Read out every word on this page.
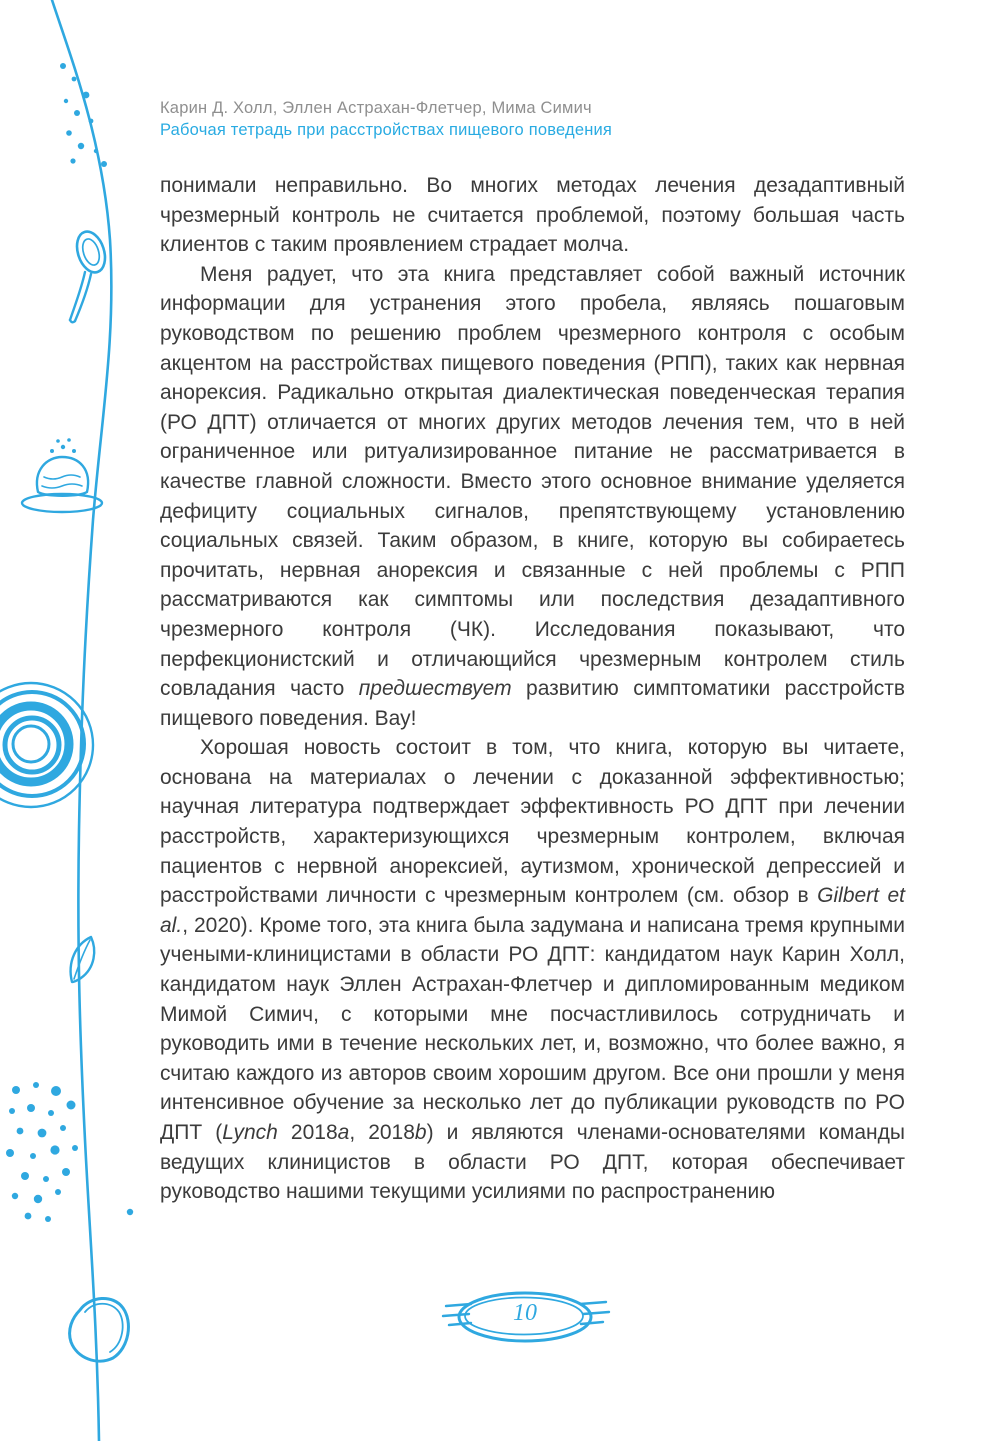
Карин Д. Холл, Эллен Астрахан-Флетчер, Мима Симич
Рабочая тетрадь при расстройствах пищевого поведения

понимали неправильно. Во многих методах лечения дезадаптивный чрезмерный контроль не считается проблемой, поэтому большая часть клиентов с таким проявлением страдает молча.

Меня радует, что эта книга представляет собой важный источник информации для устранения этого пробела, являясь пошаговым руководством по решению проблем чрезмерного контроля с особым акцентом на расстройствах пищевого поведения (РПП), таких как нервная анорексия. Радикально открытая диалектическая поведенческая терапия (РО ДПТ) отличается от многих других методов лечения тем, что в ней ограниченное или ритуализированное питание не рассматривается в качестве главной сложности. Вместо этого основное внимание уделяется дефициту социальных сигналов, препятствующему установлению социальных связей. Таким образом, в книге, которую вы собираетесь прочитать, нервная анорексия и связанные с ней проблемы с РПП рассматриваются как симптомы или последствия дезадаптивного чрезмерного контроля (ЧК). Исследования показывают, что перфекционистский и отличающийся чрезмерным контролем стиль совладания часто предшествует развитию симптоматики расстройств пищевого поведения. Вау!

Хорошая новость состоит в том, что книга, которую вы читаете, основана на материалах о лечении с доказанной эффективностью; научная литература подтверждает эффективность РО ДПТ при лечении расстройств, характеризующихся чрезмерным контролем, включая пациентов с нервной анорексией, аутизмом, хронической депрессией и расстройствами личности с чрезмерным контролем (см. обзор в Gilbert et al., 2020). Кроме того, эта книга была задумана и написана тремя крупными учеными-клиницистами в области РО ДПТ: кандидатом наук Карин Холл, кандидатом наук Эллен Астрахан-Флетчер и дипломированным медиком Мимой Симич, с которыми мне посчастливилось сотрудничать и руководить ими в течение нескольких лет, и, возможно, что более важно, я считаю каждого из авторов своим хорошим другом. Все они прошли у меня интенсивное обучение за несколько лет до публикации руководств по РО ДПТ (Lynch 2018a, 2018b) и являются членами-основателями команды ведущих клиницистов в области РО ДПТ, которая обеспечивает руководство нашими текущими усилиями по распространению

10
